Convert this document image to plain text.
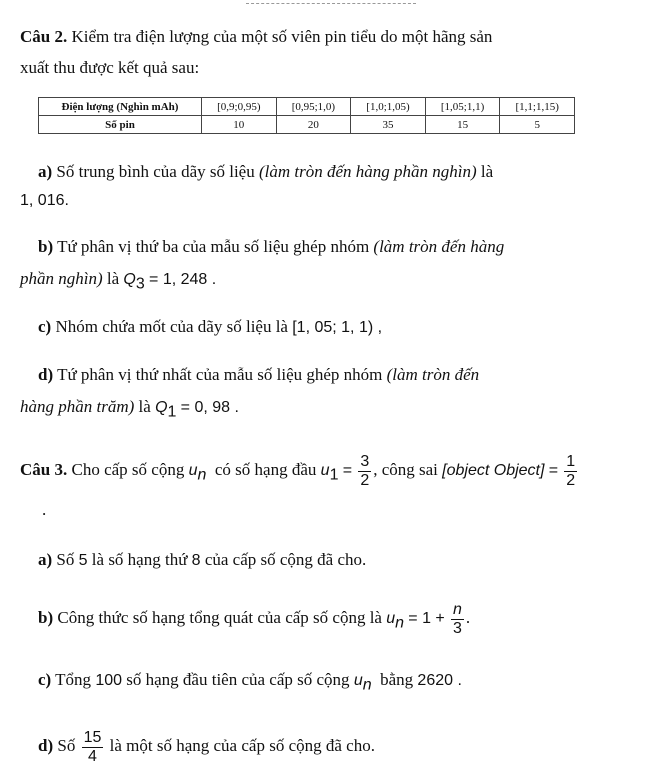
Câu 2. Kiểm tra điện lượng của một số viên pin tiểu do một hãng sản
xuất thu được kết quả sau:
Điện lượng (Nghìn mAh)	[0,9;0,95)	[0,95;1,0)	[1,0;1,05)	[1,05;1,1)	[1,1;1,15)
Số pin	10	20	35	15	5
a) Số trung bình của dãy số liệu (làm tròn đến hàng phần nghìn) là
1, 016.
b) Tứ phân vị thứ ba của mẫu số liệu ghép nhóm (làm tròn đến hàng
phần nghìn) là $Q_3 = 1$, 248 .
c) Nhóm chứa mốt của dãy số liệu là [1, 05; 1, 1) ,
d) Tứ phân vị thứ nhất của mẫu số liệu ghép nhóm (làm tròn đến
hàng phần trăm) là $Q_1 = 0$, 98 .
Câu 3. Cho cấp số cộng $u_n$ có số hạng đầu $u_1 = \frac{3}{2}$ , công sai [object Object] = $\frac{1}{2}$
.
a) Số 5 là số hạng thứ 8 của cấp số cộng đã cho.
b) Công thức số hạng tổng quát của cấp số cộng là $u_n = 1 + \frac{n}{3}$ .
c) Tổng 100 số hạng đầu tiên của cấp số cộng $u_n$ bằng 2620 .
d) Số $\frac{15}{4}$ là một số hạng của cấp số cộng đã cho.
